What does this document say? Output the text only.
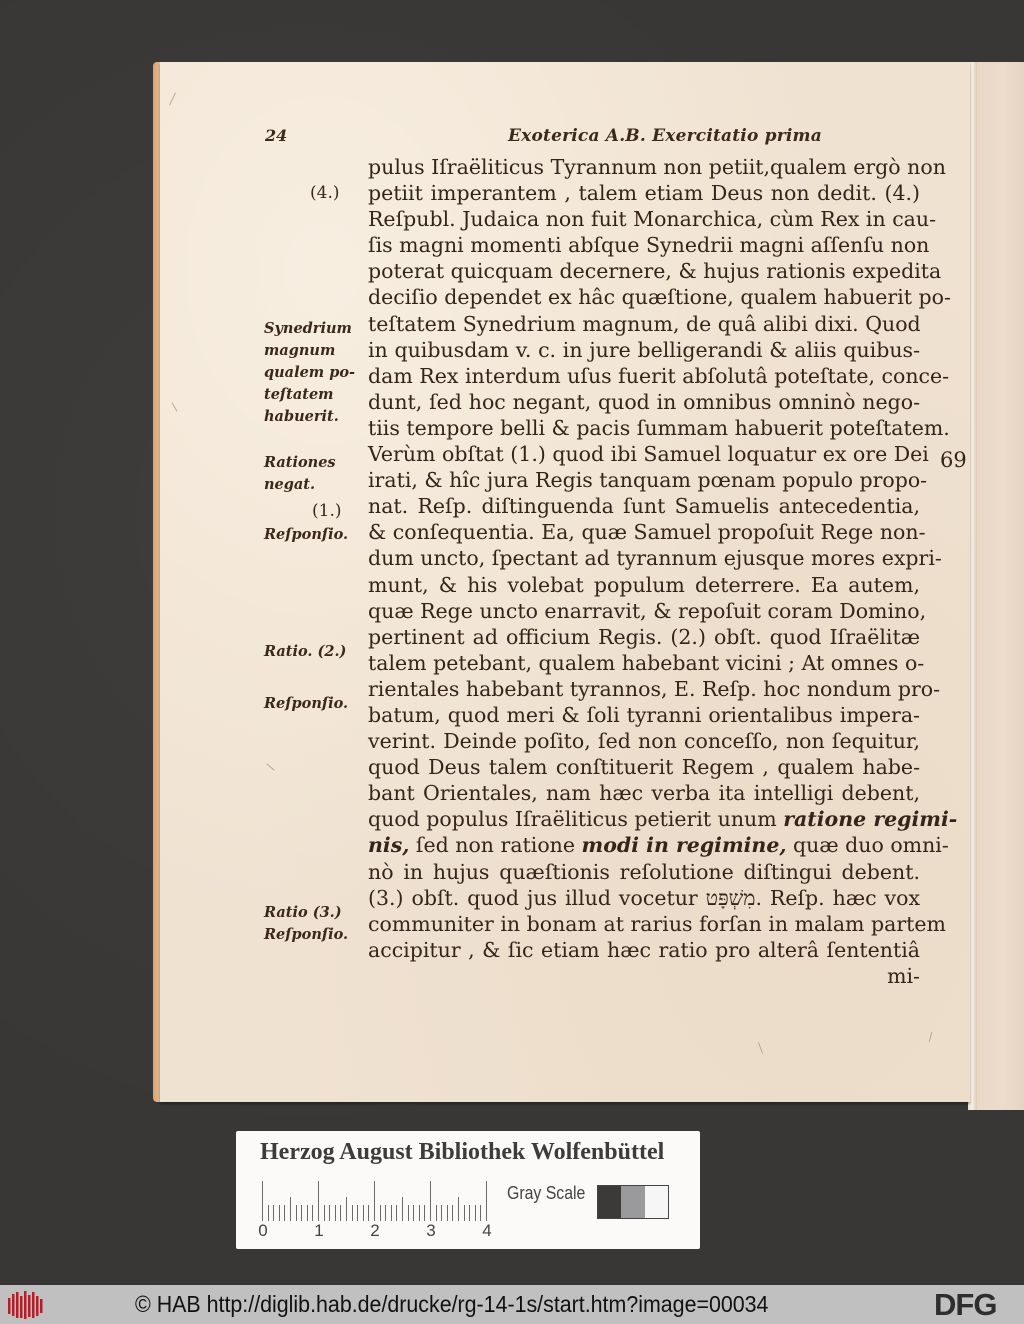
24	Exoterica A.B. Exercitatio prima
pulus Iſraëliticus Tyrannum non petiit,qualem ergò non
petiit imperantem , talem etiam Deus non dedit. (4.)
Reſpubl. Judaica non fuit Monarchica, cùm Rex in cau-
ſis magni momenti abſque Synedrii magni aſſenſu non
poterat quicquam decernere, & hujus rationis expedita
deciſio dependet ex hâc quæſtione, qualem habuerit po-
teſtatem Synedrium magnum, de quâ alibi dixi. Quod
in quibusdam v. c. in jure belligerandi & aliis quibus-
dam Rex interdum uſus fuerit abſolutâ poteſtate, conce-
dunt, ſed hoc negant, quod in omnibus omninò nego-
tiis tempore belli & pacis ſummam habuerit poteſtatem.
Verùm obſtat (1.) quod ibi Samuel loquatur ex ore Dei
irati, & hîc jura Regis tanquam pœnam populo propo-
nat. Reſp. diſtinguenda ſunt Samuelis antecedentia,
& conſequentia. Ea, quæ Samuel propoſuit Rege non-
dum uncto, ſpectant ad tyrannum ejusque mores expri-
munt, & his volebat populum deterrere. Ea autem,
quæ Rege uncto enarravit, & repoſuit coram Domino,
pertinent ad officium Regis. (2.) obſt. quod Iſraëlitæ
talem petebant, qualem habebant vicini ; At omnes o-
rientales habebant tyrannos, E. Reſp. hoc nondum pro-
batum, quod meri & ſoli tyranni orientalibus impera-
verint. Deinde poſito, ſed non conceſſo, non ſequitur,
quod Deus talem conſtituerit Regem , qualem habe-
bant Orientales, nam hæc verba ita intelligi debent,
quod populus Iſraëliticus petierit unum ratione regimi-
nis, ſed non ratione modi in regimine, quæ duo omni-
nò in hujus quæſtionis reſolutione diſtingui debent.
(3.) obſt. quod jus illud vocetur מִשְׁפָּט. Reſp. hæc vox
communiter in bonam at rarius forſan in malam partem
accipitur , & ſic etiam hæc ratio pro alterâ ſententiâ
mi-
69
(4.)
Synedrium
magnum
qualem po-
teſtatem
habuerit.
Rationes
negat.
(1.)
Reſponſio.
Ratio. (2.)
Reſponſio.
Ratio (3.)
Reſponſio.
Herzog August Bibliothek Wolfenbüttel
0	1	2	3	4
Gray Scale
© HAB http://diglib.hab.de/drucke/rg-14-1s/start.htm?image=00034	DFG
